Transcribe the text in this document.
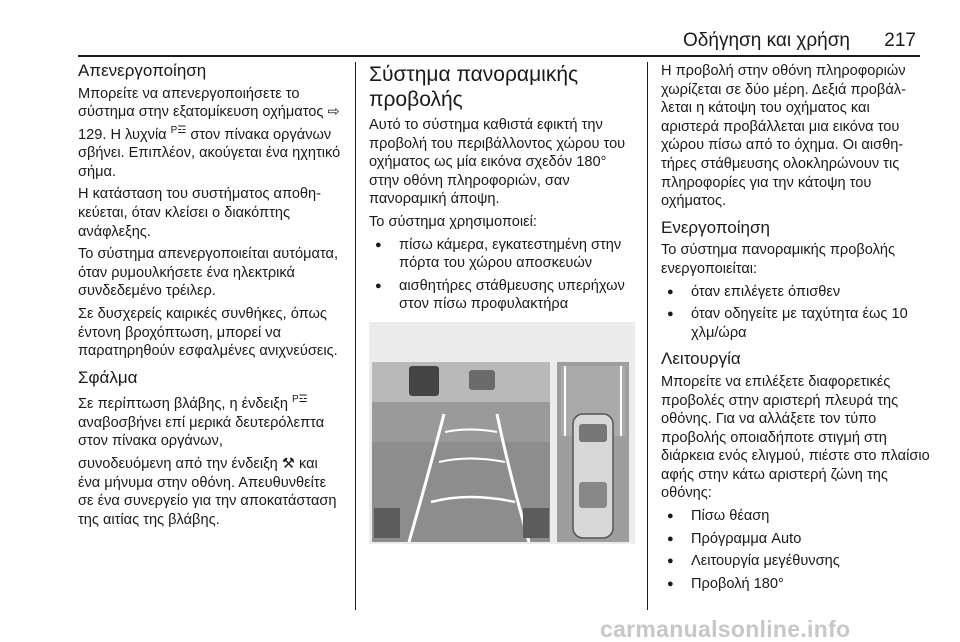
Οδήγηση και χρήση 217
Απενεργοποίηση

Μπορείτε να απενεργοποιήσετε το σύστημα στην εξατομίκευση οχήματος ⇨ 129. Η λυχνία P☲ στον πίνακα οργάνων σβήνει. Επιπλέον, ακούγεται ένα ηχητικό σήμα.

Η κατάσταση του συστήματος αποθηκεύεται, όταν κλείσει ο διακόπτης ανάφλεξης.

Το σύστημα απενεργοποιείται αυτόματα, όταν ρυμουλκήσετε ένα ηλεκτρικά συνδεδεμένο τρέιλερ.

Σε δυσχερείς καιρικές συνθήκες, όπως έντονη βροχόπτωση, μπορεί να παρατηρηθούν εσφαλμένες ανιχνεύσεις.

Σφάλμα

Σε περίπτωση βλάβης, η ένδειξη P☲ αναβοσβήνει επί μερικά δευτερόλεπτα στον πίνακα οργάνων,

συνοδευόμενη από την ένδειξη ⚒ και ένα μήνυμα στην οθόνη. Απευθυνθείτε σε ένα συνεργείο για την αποκατάσταση της αιτίας της βλάβης.

Σύστημα πανοραμικής προβολής

Αυτό το σύστημα καθιστά εφικτή την προβολή του περιβάλλοντος χώρου του οχήματος ως μία εικόνα σχεδόν 180° στην οθόνη πληροφοριών, σαν πανοραμική άποψη.

Το σύστημα χρησιμοποιεί:

● πίσω κάμερα, εγκατεστημένη στην πόρτα του χώρου αποσκευών
● αισθητήρες στάθμευσης υπερήχων στον πίσω προφυλακτήρα

Η προβολή στην οθόνη πληροφοριών χωρίζεται σε δύο μέρη. Δεξιά προβάλλεται η κάτοψη του οχήματος και αριστερά προβάλλεται μια εικόνα του χώρου πίσω από το όχημα. Οι αισθητήρες στάθμευσης ολοκληρώνουν τις πληροφορίες για την κάτοψη του οχήματος.

Ενεργοποίηση

Το σύστημα πανοραμικής προβολής ενεργοποιείται:

● όταν επιλέγετε όπισθεν
● όταν οδηγείτε με ταχύτητα έως 10 χλμ/ώρα
Λειτουργία

Μπορείτε να επιλέξετε διαφορετικές προβολές στην αριστερή πλευρά της οθόνης. Για να αλλάξετε τον τύπο προβολής οποιαδήποτε στιγμή στη διάρκεια ενός ελιγμού, πιέστε στο πλαίσιο αφής στην κάτω αριστερή ζώνη της οθόνης:

● Πίσω θέαση
● Πρόγραμμα Auto
● Λειτουργία μεγέθυνσης
● Προβολή 180°
carmanualsonline.info
